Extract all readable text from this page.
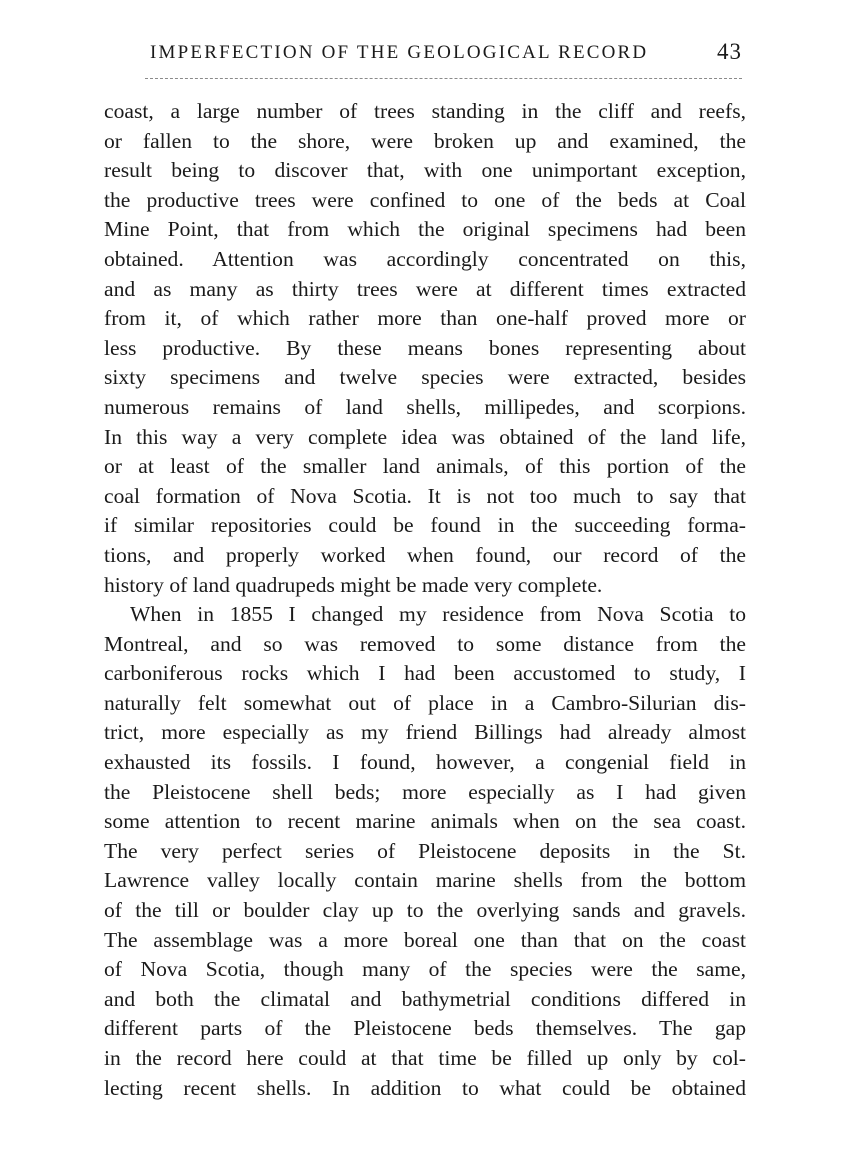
IMPERFECTION OF THE GEOLOGICAL RECORD	43
coast, a large number of trees standing in the cliff and reefs,
or fallen to the shore, were broken up and examined, the
result being to discover that, with one unimportant exception,
the productive trees were confined to one of the beds at Coal
Mine Point, that from which the original specimens had been
obtained. Attention was accordingly concentrated on this,
and as many as thirty trees were at different times extracted
from it, of which rather more than one-half proved more or
less productive. By these means bones representing about
sixty specimens and twelve species were extracted, besides
numerous remains of land shells, millipedes, and scorpions.
In this way a very complete idea was obtained of the land life,
or at least of the smaller land animals, of this portion of the
coal formation of Nova Scotia. It is not too much to say that
if similar repositories could be found in the succeeding forma-
tions, and properly worked when found, our record of the
history of land quadrupeds might be made very complete.
When in 1855 I changed my residence from Nova Scotia to
Montreal, and so was removed to some distance from the
carboniferous rocks which I had been accustomed to study, I
naturally felt somewhat out of place in a Cambro-Silurian dis-
trict, more especially as my friend Billings had already almost
exhausted its fossils. I found, however, a congenial field in
the Pleistocene shell beds; more especially as I had given
some attention to recent marine animals when on the sea coast.
The very perfect series of Pleistocene deposits in the St.
Lawrence valley locally contain marine shells from the bottom
of the till or boulder clay up to the overlying sands and gravels.
The assemblage was a more boreal one than that on the coast
of Nova Scotia, though many of the species were the same,
and both the climatal and bathymetrial conditions differed in
different parts of the Pleistocene beds themselves. The gap
in the record here could at that time be filled up only by col-
lecting recent shells. In addition to what could be obtained
